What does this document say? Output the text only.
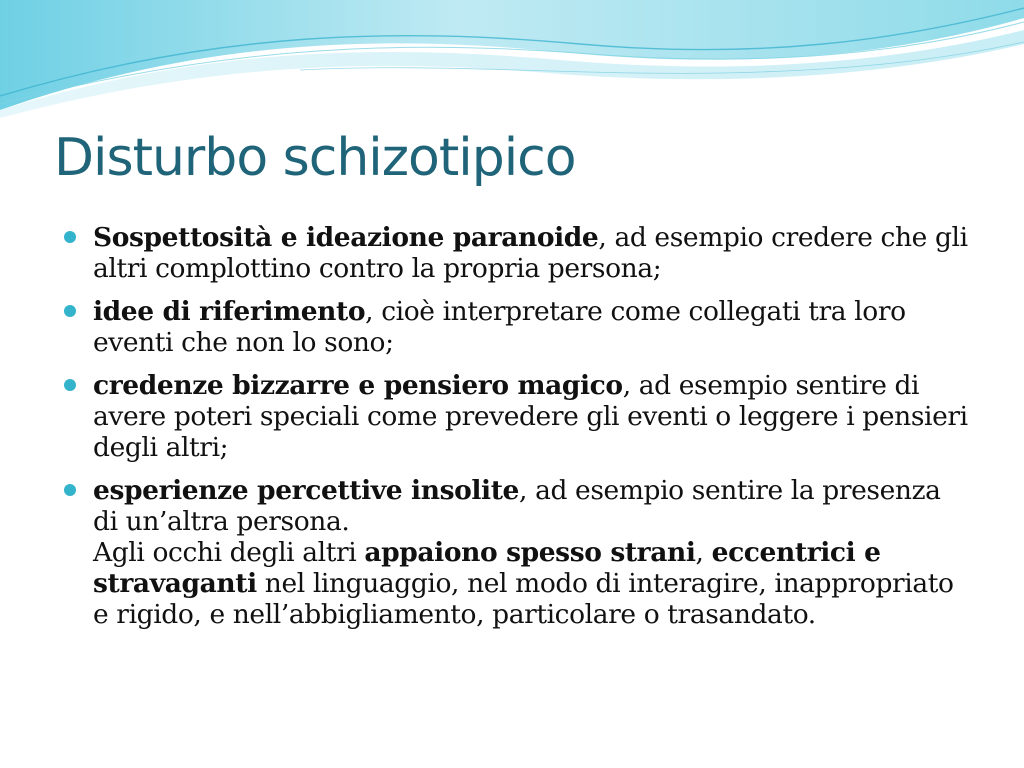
Disturbo schizotipico
Sospettosità e ideazione paranoide, ad esempio credere che gli altri complottino contro la propria persona;
idee di riferimento, cioè interpretare come collegati tra loro eventi che non lo sono;
credenze bizzarre e pensiero magico, ad esempio sentire di avere poteri speciali come prevedere gli eventi o leggere i pensieri degli altri;
esperienze percettive insolite, ad esempio sentire la presenza di un’altra persona.
Agli occhi degli altri appaiono spesso strani, eccentrici e stravaganti nel linguaggio, nel modo di interagire, inappropriato e rigido, e nell’abbigliamento, particolare o trasandato.
